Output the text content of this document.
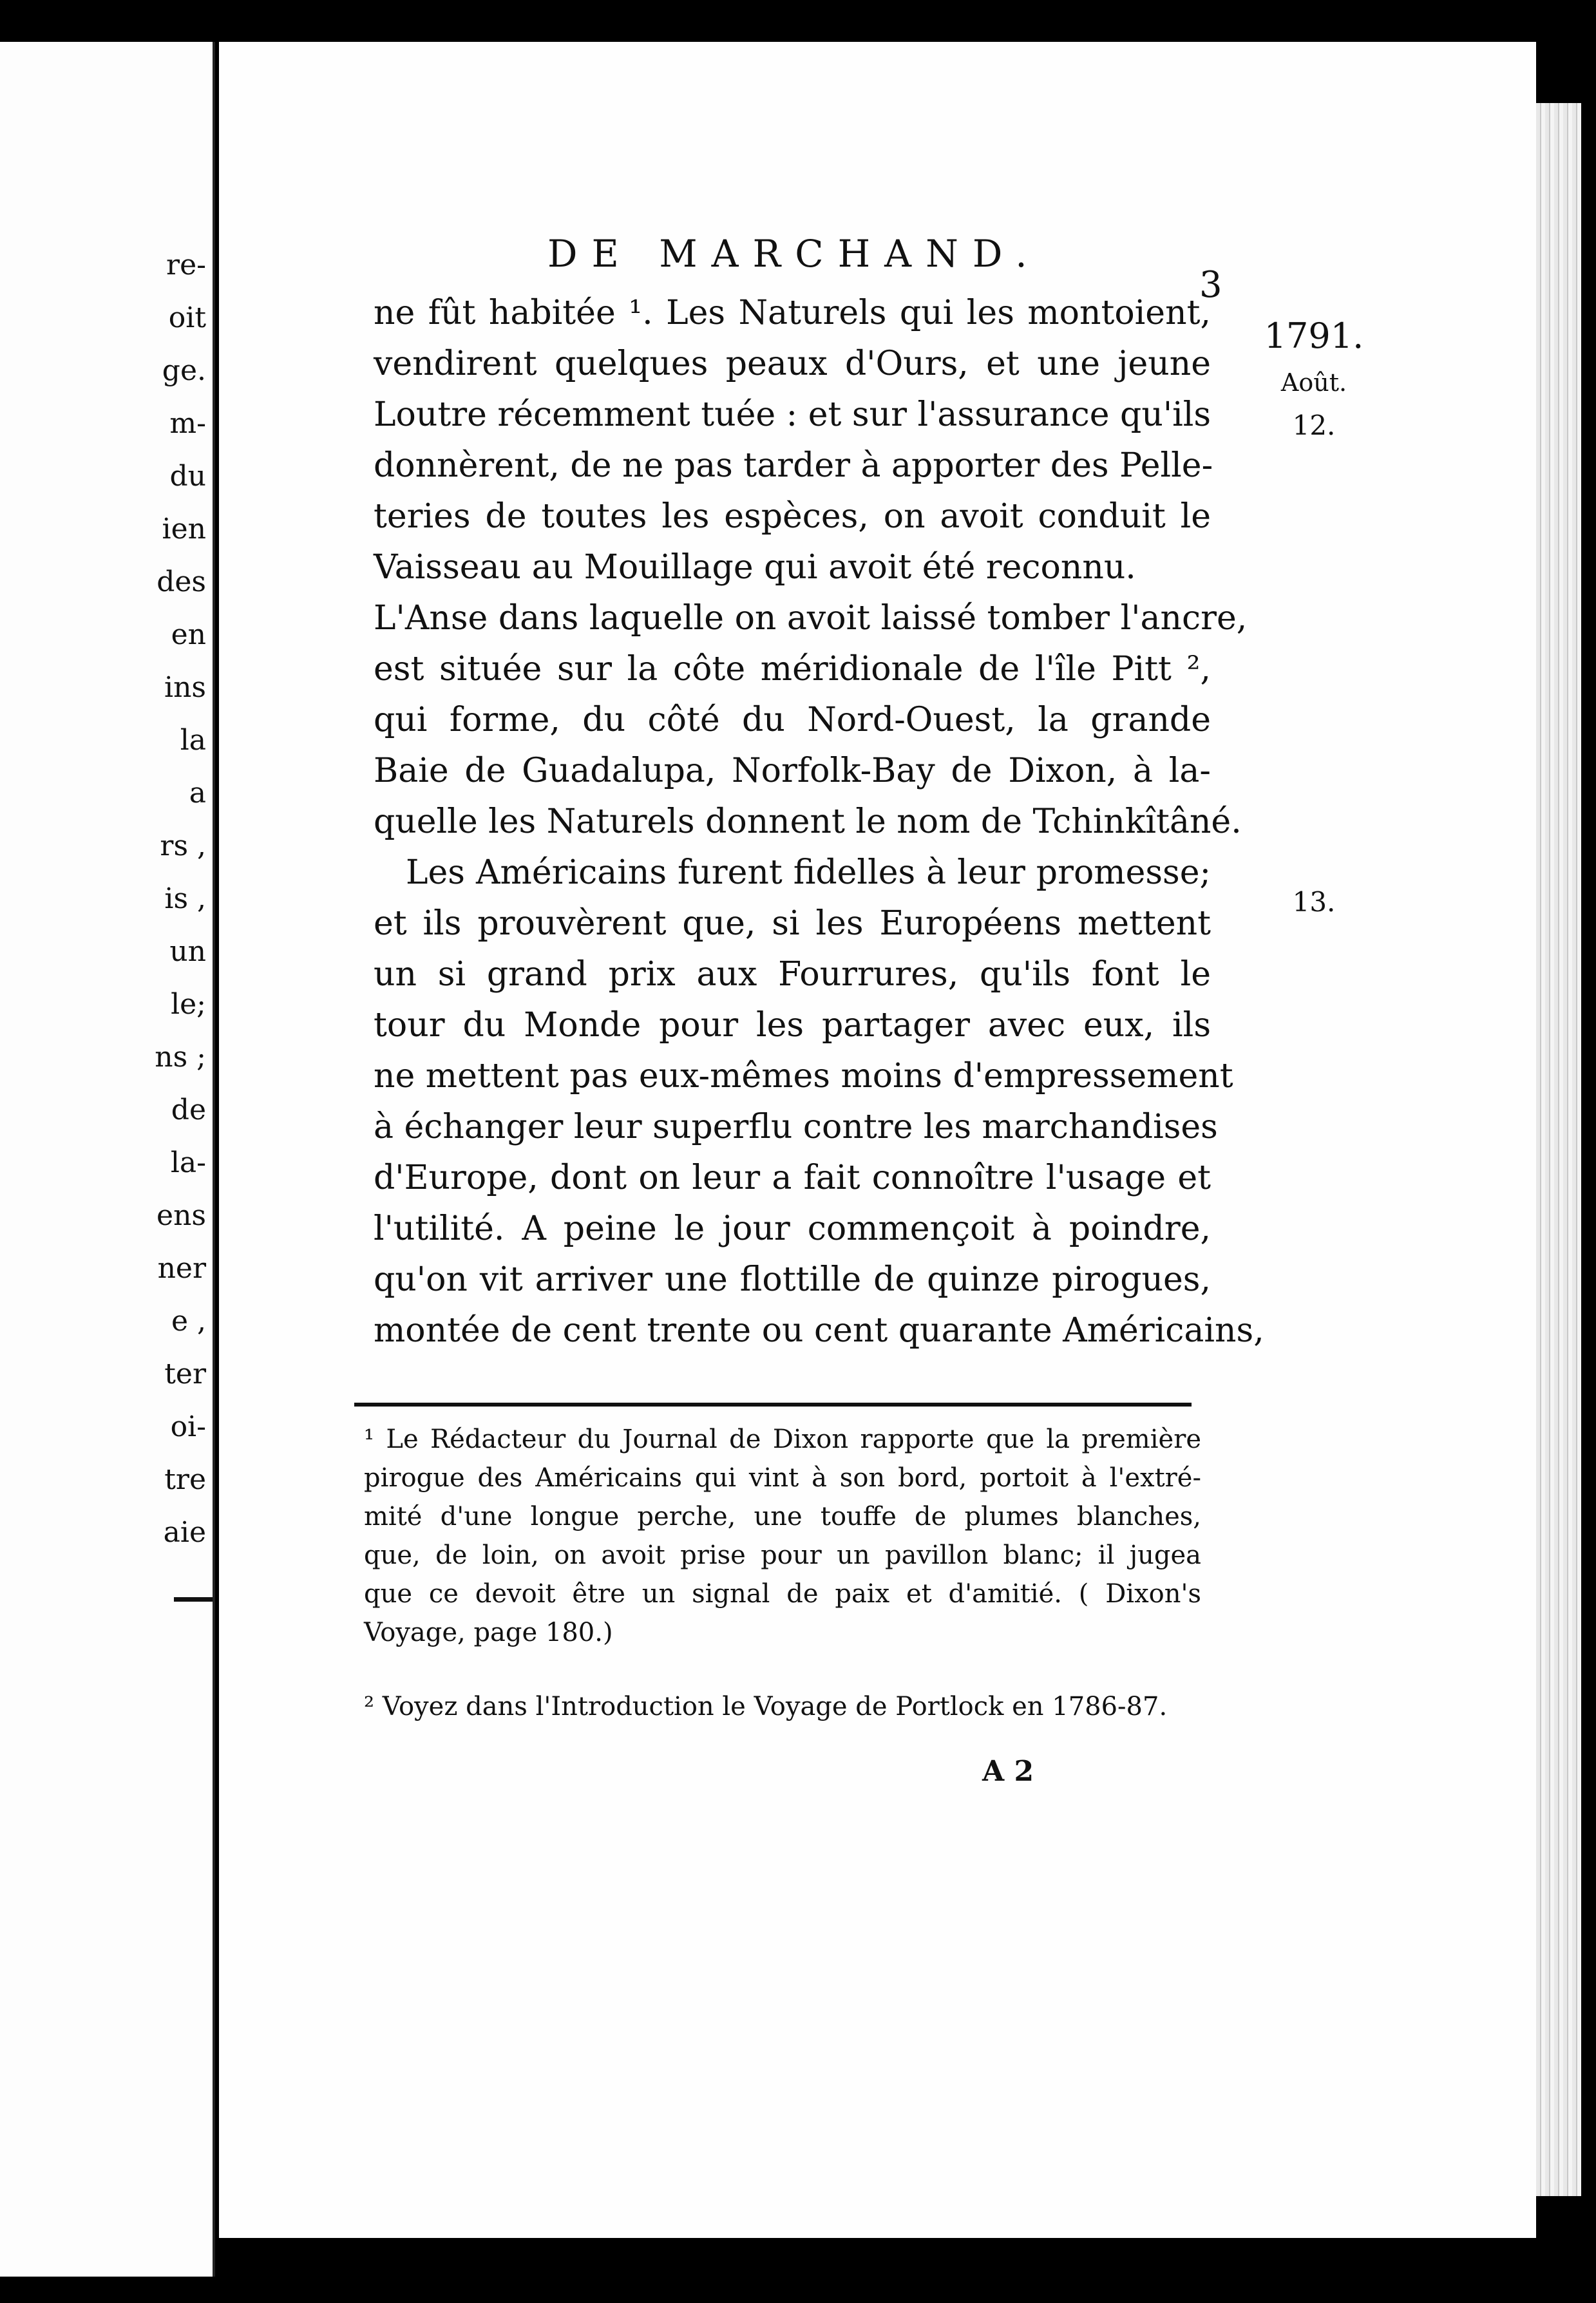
re-
oit
ge.
m-
du
ien
des
en
ins
la
a
rs ,
is ,
un
le;
ns ;
de
la-
ens
ner
e ,
ter
oi-
tre
aie
DE MARCHAND.
3
1791.
Août.
12.
13.
ne fût habitée ¹. Les Naturels qui les montoient,
vendirent quelques peaux d'Ours, et une jeune
Loutre récemment tuée : et sur l'assurance qu'ils
donnèrent, de ne pas tarder à apporter des Pelle-
teries de toutes les espèces, on avoit conduit le
Vaisseau au Mouillage qui avoit été reconnu.
L'Anse dans laquelle on avoit laissé tomber l'ancre,
est située sur la côte méridionale de l'île Pitt ²,
qui forme, du côté du Nord-Ouest, la grande
Baie de Guadalupa, Norfolk-Bay de Dixon, à la-
quelle les Naturels donnent le nom de Tchinkîtâné.
Les Américains furent fidelles à leur promesse;
et ils prouvèrent que, si les Européens mettent
un si grand prix aux Fourrures, qu'ils font le
tour du Monde pour les partager avec eux, ils
ne mettent pas eux-mêmes moins d'empressement
à échanger leur superflu contre les marchandises
d'Europe, dont on leur a fait connoître l'usage et
l'utilité. A peine le jour commençoit à poindre,
qu'on vit arriver une flottille de quinze pirogues,
montée de cent trente ou cent quarante Américains,
¹ Le Rédacteur du Journal de Dixon rapporte que la première
pirogue des Américains qui vint à son bord, portoit à l'extré-
mité d'une longue perche, une touffe de plumes blanches,
que, de loin, on avoit prise pour un pavillon blanc; il jugea
que ce devoit être un signal de paix et d'amitié. ( Dixon's
Voyage, page 180.)
² Voyez dans l'Introduction le Voyage de Portlock en 1786-87.
A 2
